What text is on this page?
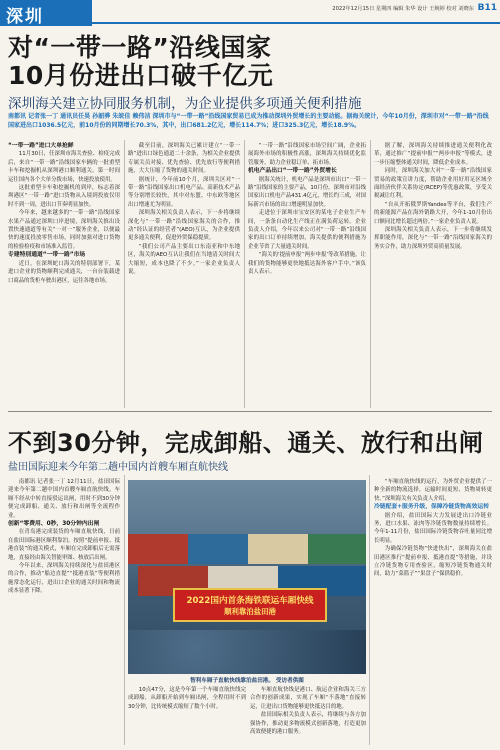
深圳	2022年12月15日 星期四 编辑 朱华 设计 王婉婷 校对 刘晓东 B11
对“一带一路”沿线国家
10月份进出口破千亿元
深圳海关建立协同服务机制，为企业提供多项通关便利措施
南都讯 记者张一丁 通讯员任昊 孙韶骅 朱皖佳 赖伟洁 深圳市与“一带一路”沿线国家贸易已成为推动深圳外贸增长的主要动能。据海关统计，今年10月份，深圳市对“一带一路”沿线国家进出口1036.5亿元，前10月份的同期增长70.3%，其中，出口681.2亿元，增长114.7%；进口325.3亿元，增长18.9%。

“一带一路”进口大单抢鲜

11月30日，任深圳市海关查验、检疫完成后，来自“一带一路”沿线国家车辆的一批重型卡车和挖掘机从深圳港口顺利通关。第一时间运往国内各个大单分拨市场，快速投放使用。

这批重型卡车和挖掘机的到岸，标志着深圳港区“一带一路”进口货物从入境到投放仅用时不到一周，进出口节奏明显加快。

今年来，越来越多的“一带一路”沿线国家水果产品通过深圳口岸进境，深圳海关推出设置快速通道等有关“一对一”服务企业，以便最快的速度投放零售市场，同时加强对进口货物的检验检疫和市场准入监管。

专建特别通道“一带一路”市场

近日，在深圳蛇口海关的特别部署下，某进口企业的货物顺利完成通关，一台台装载进口商品的货柜车驶出港区，运往各地市场。

截至目前，深圳海关已累计建立“一带一路”进出口绿色通道二十余条，为相关企业提供专属关员对接、优先查验、优先放行等便利措施，大大压缩了货物的通关时间。

据统计，今年前10个月，深圳关区对“一带一路”沿线国家出口机电产品、高新技术产品等分别增长较快，其中对东盟、中东欧等地区出口增速尤为明显。

深圳海关相关负责人表示，下一步将继续深化与“一带一路”沿线国家海关的合作，推动“经认证的经营者”(AEO)互认，为企业提供更多通关便利，促进外贸保稳提质。

“我们公司产品主要出口东南亚和中东地区，海关的AEO互认让我们在当地清关时间大大缩短，成本也降了不少。”一家企业负责人说。

“一带一路”沿线国家市场空间广阔，企业拓展海外市场的积极性高涨，深圳海关持续优化监管服务，助力企业稳订单、拓市场。

机电产品出口“一带一路”外贸增长

据海关统计，机电产品是深圳市出口“一带一路”沿线国家的主要产品，10月份，深圳市对沿线国家出口机电产品431.4亿元，增长约三成，对国际新兴市场的出口增速明显加快。

走进位于深圳市宝安区的某电子企业生产车间，一条条自动化生产线正在满负荷运转。企业负责人介绍，今年以来公司对“一带一路”沿线国家的出口订单持续增加，海关提供的便利措施为企业节省了大量通关时间。

“海关的‘提前申报’‘两步申报’等改革措施，让我们的货物能够更快地抵达海外客户手中。”该负责人表示。

据了解，深圳海关持续推进通关便利化改革，通过推广“提前申报”“两步申报”等模式，进一步压缩整体通关时间，降低企业成本。

同时，深圳海关加大对“一带一路”沿线国家贸易的政策宣讲力度，帮助企业用好用足区域全面经济伙伴关系协定(RCEP)等优惠政策，享受关税减让红利。

“自从开拓俄罗斯Yandex等平台，我们生产的新能源产品在海外销路大开，今年1-10月份出口额同比增长超过两倍。”一家企业负责人说。

深圳海关相关负责人表示，下一步将继续发挥职能作用，深化与“一带一路”沿线国家海关的务实合作，助力深圳外贸高质量发展。

不到30分钟，完成卸船、通关、放行和出闸
盐田国际迎来今年第二趟中国内首艘车厢直航快线

南都讯 记者张一丁 12月11日，盐田国际迎来今年第二趟中国内首艘车厢直航快线。车厢不经从中转直接驳运出闸，用时不到30分钟便完成卸船、通关、放行和出闸等全流程作业。

创新“零费用、0秒，30分钟内出闸

在青岛港完成装货的车厢直航快线，日前在盐田国际港区顺利靠泊。按照“提前申报、抵港直装”的通关模式，车厢在完成卸船后无需落地，直接经由海关智能审图、核放后出闸。

今年以来，深圳海关持续深化与盐田港区的合作，推动“船边直提”“抵港直装”等便利措施常态化运行，进出口企业的通关时间和物流成本显著下降。

2022国内首条海铁联运车厢快线
顺利靠泊盐田港
智利车厢子直航快线靠泊盐田港。 受访者供图

10点47分，这是今年第一个车厢直航快线完成卸船，从卸船开始到车厢出闸，全程用时不到30分钟，比传统模式缩短了数个小时。

车厢直航快线是港口、航运企业和海关三方合作的创新成果，实现了车厢“不落地”直接转运，让进出口货物能够更快抵达目的地。

盐田国际相关负责人表示，将继续与各方加强协作，推动更多物流模式创新落地，打造更加高效便捷的港口服务。

“车厢直航快线的运行，为外贸企业提供了一种全新的物流选择，运输时间更短、货物周转更快。”深圳海关有关负责人介绍。

冷链配套+服务升级，保障冷链货物高效运转

据介绍，盐田国际大力发展进出口冷链业务，进口水果、冻肉等冷链货物数量持续增长。今年1-11月份，盐田国际冷链货物吞吐量同比增长明显。

为确保冷链货物“快进快出”，深圳海关在盐田港区推行“提前申报、抵港直提”等措施，并设立冷链货物专用查验区，缩短冷链货物通关时间，助力“菜篮子”“果盘子”保供稳价。
